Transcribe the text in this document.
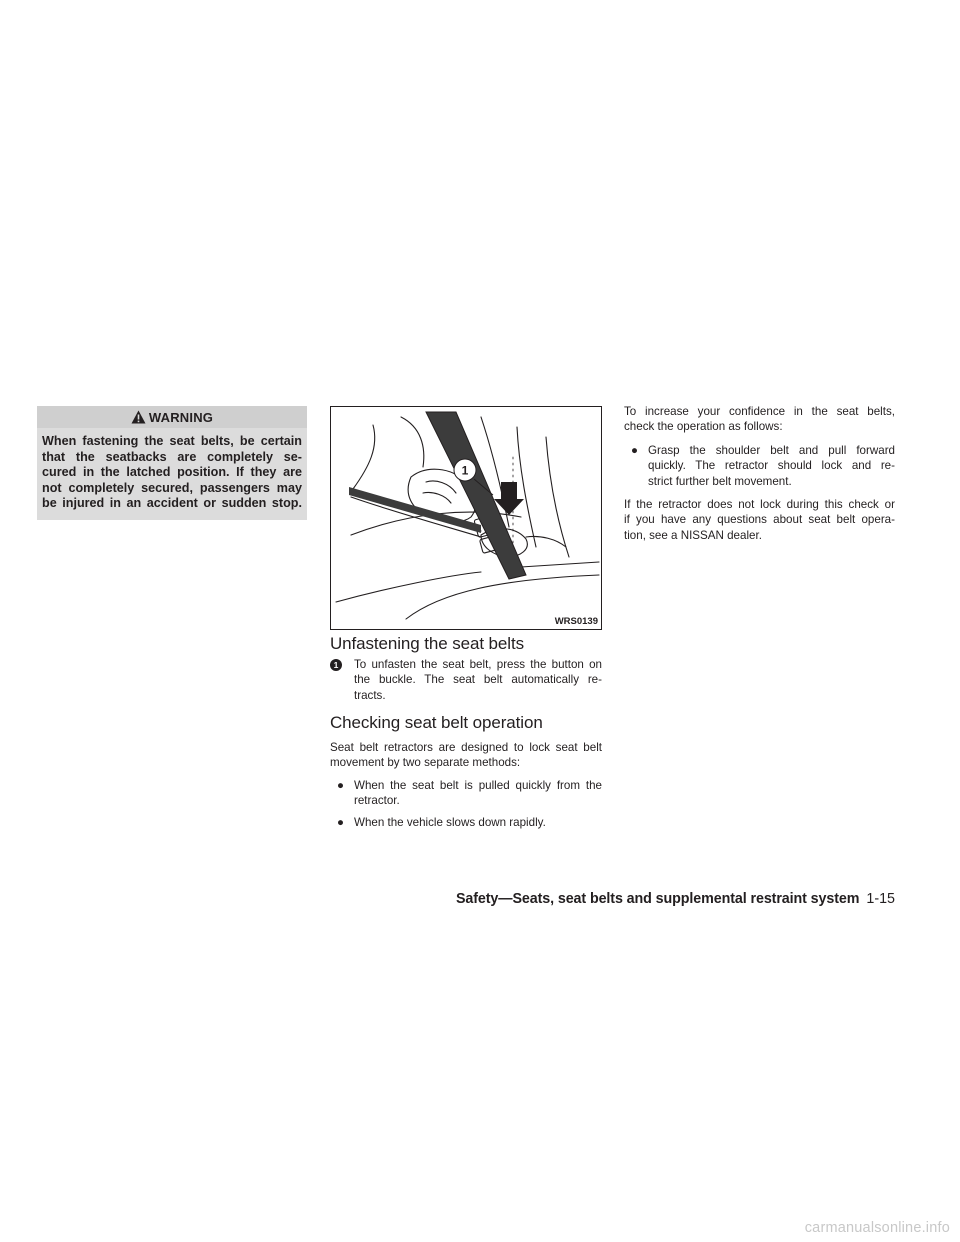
WARNING
When fastening the seat belts, be certain
that the seatbacks are completely se-
cured in the latched position. If they are
not completely secured, passengers may
be injured in an accident or sudden stop.
1
WRS0139
Unfastening the seat belts
1	To unfasten the seat belt, press the button on
the buckle. The seat belt automatically re-
tracts.
Checking seat belt operation
Seat belt retractors are designed to lock seat belt
movement by two separate methods:
● When the seat belt is pulled quickly from the
retractor.
● When the vehicle slows down rapidly.
To increase your confidence in the seat belts,
check the operation as follows:
● Grasp the shoulder belt and pull forward
quickly. The retractor should lock and re-
strict further belt movement.
If the retractor does not lock during this check or
if you have any questions about seat belt opera-
tion, see a NISSAN dealer.
Safety—Seats, seat belts and supplemental restraint system 1-15
carmanualsonline.info
